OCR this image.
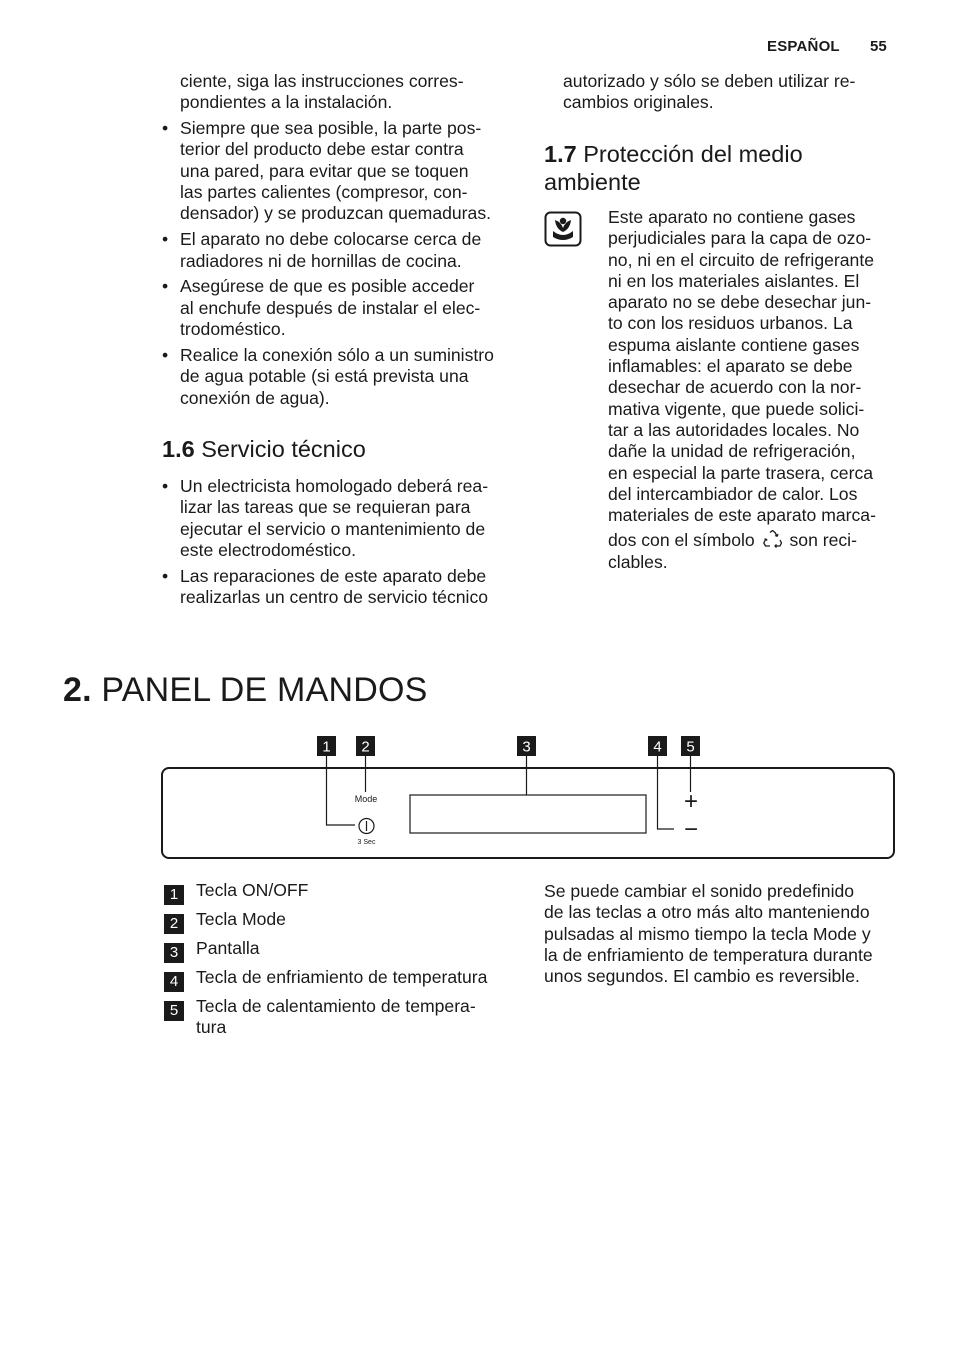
ESPAÑOL 55
ciente, siga las instrucciones corres-
pondientes a la instalación.
• Siempre que sea posible, la parte pos-
terior del producto debe estar contra
una pared, para evitar que se toquen
las partes calientes (compresor, con-
densador) y se produzcan quemaduras.
• El aparato no debe colocarse cerca de
radiadores ni de hornillas de cocina.
• Asegúrese de que es posible acceder
al enchufe después de instalar el elec-
trodoméstico.
• Realice la conexión sólo a un suministro
de agua potable (si está prevista una
conexión de agua).
1.6 Servicio técnico
• Un electricista homologado deberá rea-
lizar las tareas que se requieran para
ejecutar el servicio o mantenimiento de
este electrodoméstico.
• Las reparaciones de este aparato debe
realizarlas un centro de servicio técnico
autorizado y sólo se deben utilizar re-
cambios originales.
1.7 Protección del medio
ambiente
Este aparato no contiene gases
perjudiciales para la capa de ozo-
no, ni en el circuito de refrigerante
ni en los materiales aislantes. El
aparato no se debe desechar jun-
to con los residuos urbanos. La
espuma aislante contiene gases
inflamables: el aparato se debe
desechar de acuerdo con la nor-
mativa vigente, que puede solici-
tar a las autoridades locales. No
dañe la unidad de refrigeración,
en especial la parte trasera, cerca
del intercambiador de calor. Los
materiales de este aparato marca-
dos con el símbolo son reci-
clables.
2. PANEL DE MANDOS
1 2	3	4 5
Mode
3 Sec
+
−
1	Tecla ON/OFF
2	Tecla Mode
3	Pantalla
4	Tecla de enfriamiento de temperatura
5	Tecla de calentamiento de tempera-
tura
Se puede cambiar el sonido predefinido
de las teclas a otro más alto manteniendo
pulsadas al mismo tiempo la tecla Mode y
la de enfriamiento de temperatura durante
unos segundos. El cambio es reversible.
